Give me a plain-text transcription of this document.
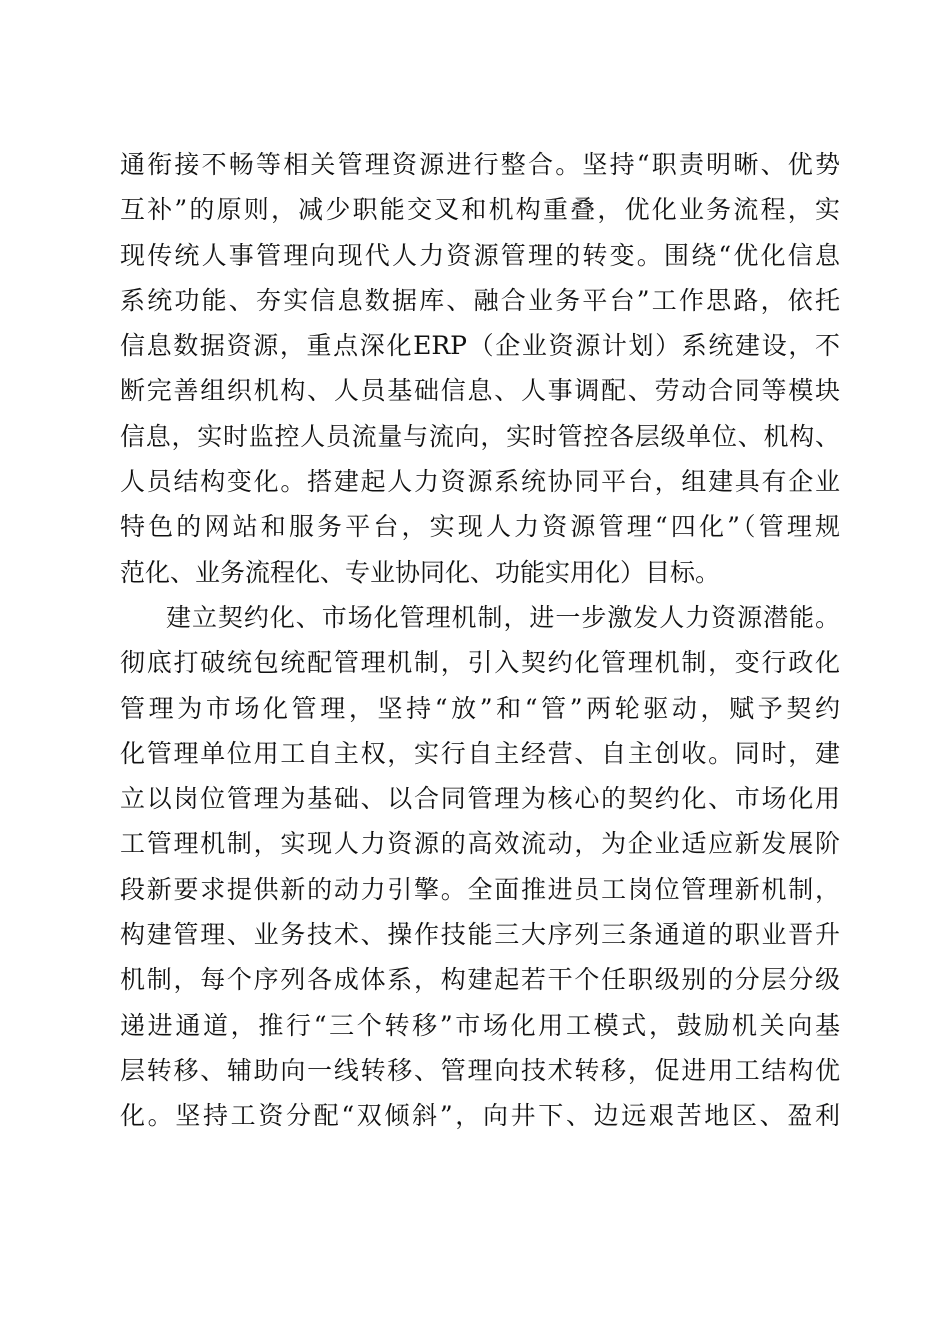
通衔接不畅等相关管理资源进行整合。坚持“职责明晰、优势
互补”的原则，减少职能交叉和机构重叠，优化业务流程，实
现传统人事管理向现代人力资源管理的转变。围绕“优化信息
系统功能、夯实信息数据库、融合业务平台”工作思路，依托
信息数据资源，重点深化ERP（企业资源计划）系统建设，不
断完善组织机构、人员基础信息、人事调配、劳动合同等模块
信息，实时监控人员流量与流向，实时管控各层级单位、机构、
人员结构变化。搭建起人力资源系统协同平台，组建具有企业
特色的网站和服务平台，实现人力资源管理“四化”（管理规
范化、业务流程化、专业协同化、功能实用化）目标。
建立契约化、市场化管理机制，进一步激发人力资源潜能。
彻底打破统包统配管理机制，引入契约化管理机制，变行政化
管理为市场化管理，坚持“放”和“管”两轮驱动，赋予契约
化管理单位用工自主权，实行自主经营、自主创收。同时，建
立以岗位管理为基础、以合同管理为核心的契约化、市场化用
工管理机制，实现人力资源的高效流动，为企业适应新发展阶
段新要求提供新的动力引擎。全面推进员工岗位管理新机制，
构建管理、业务技术、操作技能三大序列三条通道的职业晋升
机制，每个序列各成体系，构建起若干个任职级别的分层分级
递进通道，推行“三个转移”市场化用工模式，鼓励机关向基
层转移、辅助向一线转移、管理向技术转移，促进用工结构优
化。坚持工资分配“双倾斜”，向井下、边远艰苦地区、盈利
